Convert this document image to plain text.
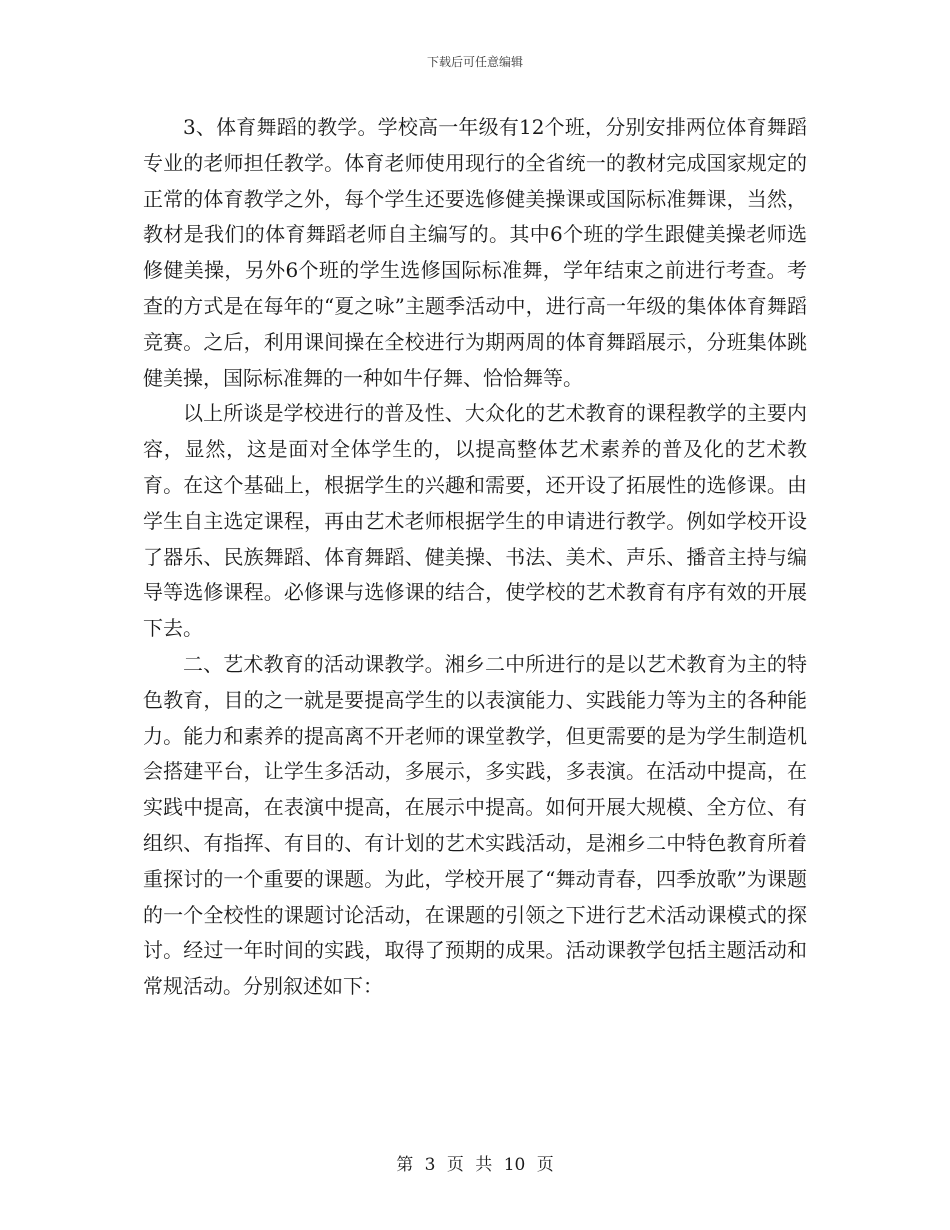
下载后可任意编辑

3、体育舞蹈的教学。学校高一年级有12个班，分别安排两位体育舞蹈专业的老师担任教学。体育老师使用现行的全省统一的教材完成国家规定的正常的体育教学之外，每个学生还要选修健美操课或国际标准舞课，当然，教材是我们的体育舞蹈老师自主编写的。其中6个班的学生跟健美操老师选修健美操，另外6个班的学生选修国际标准舞，学年结束之前进行考查。考查的方式是在每年的“夏之咏”主题季活动中，进行高一年级的集体体育舞蹈竞赛。之后，利用课间操在全校进行为期两周的体育舞蹈展示，分班集体跳健美操，国际标准舞的一种如牛仔舞、恰恰舞等。

以上所谈是学校进行的普及性、大众化的艺术教育的课程教学的主要内容，显然，这是面对全体学生的，以提高整体艺术素养的普及化的艺术教育。在这个基础上，根据学生的兴趣和需要，还开设了拓展性的选修课。由学生自主选定课程，再由艺术老师根据学生的申请进行教学。例如学校开设了器乐、民族舞蹈、体育舞蹈、健美操、书法、美术、声乐、播音主持与编导等选修课程。必修课与选修课的结合，使学校的艺术教育有序有效的开展下去。

二、艺术教育的活动课教学。湘乡二中所进行的是以艺术教育为主的特色教育，目的之一就是要提高学生的以表演能力、实践能力等为主的各种能力。能力和素养的提高离不开老师的课堂教学，但更需要的是为学生制造机会搭建平台，让学生多活动，多展示，多实践，多表演。在活动中提高，在实践中提高，在表演中提高，在展示中提高。如何开展大规模、全方位、有组织、有指挥、有目的、有计划的艺术实践活动，是湘乡二中特色教育所着重探讨的一个重要的课题。为此，学校开展了“舞动青春，四季放歌”为课题的一个全校性的课题讨论活动，在课题的引领之下进行艺术活动课模式的探讨。经过一年时间的实践，取得了预期的成果。活动课教学包括主题活动和常规活动。分别叙述如下：

第 3 页 共 10 页
